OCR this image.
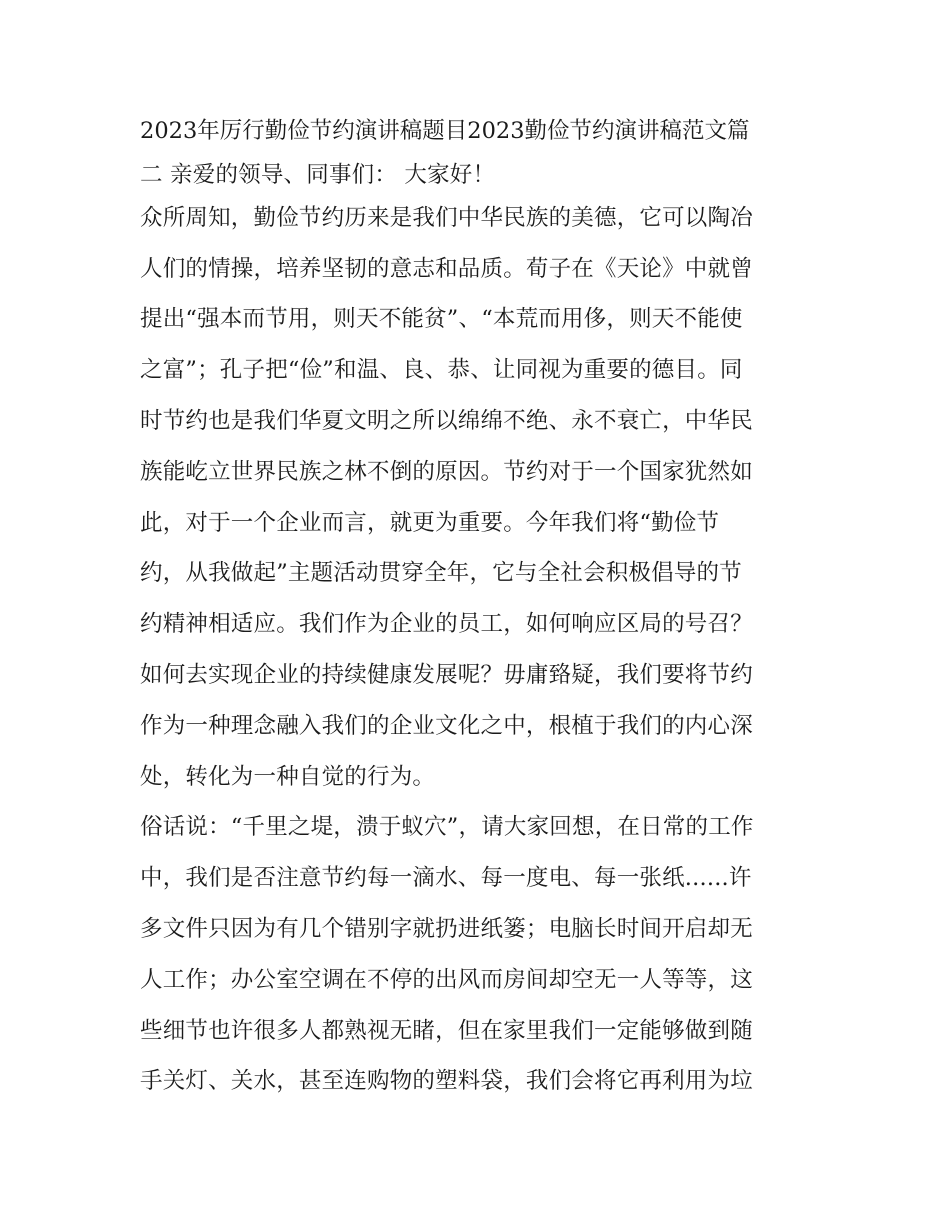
2023年厉行勤俭节约演讲稿题目2023勤俭节约演讲稿范文篇
二 亲爱的领导、同事们： 大家好！
众所周知，勤俭节约历来是我们中华民族的美德，它可以陶冶
人们的情操，培养坚韧的意志和品质。荀子在《天论》中就曾
提出“强本而节用，则天不能贫”、“本荒而用侈，则天不能使
之富”；孔子把“俭”和温、良、恭、让同视为重要的德目。同
时节约也是我们华夏文明之所以绵绵不绝、永不衰亡，中华民
族能屹立世界民族之林不倒的原因。节约对于一个国家犹然如
此，对于一个企业而言，就更为重要。今年我们将“勤俭节
约，从我做起”主题活动贯穿全年，它与全社会积极倡导的节
约精神相适应。我们作为企业的员工，如何响应区局的号召？
如何去实现企业的持续健康发展呢？毋庸臵疑，我们要将节约
作为一种理念融入我们的企业文化之中，根植于我们的内心深
处，转化为一种自觉的行为。
俗话说：“千里之堤，溃于蚁穴”，请大家回想，在日常的工作
中，我们是否注意节约每一滴水、每一度电、每一张纸......许
多文件只因为有几个错别字就扔进纸篓；电脑长时间开启却无
人工作；办公室空调在不停的出风而房间却空无一人等等，这
些细节也许很多人都熟视无睹，但在家里我们一定能够做到随
手关灯、关水，甚至连购物的塑料袋，我们会将它再利用为垃
